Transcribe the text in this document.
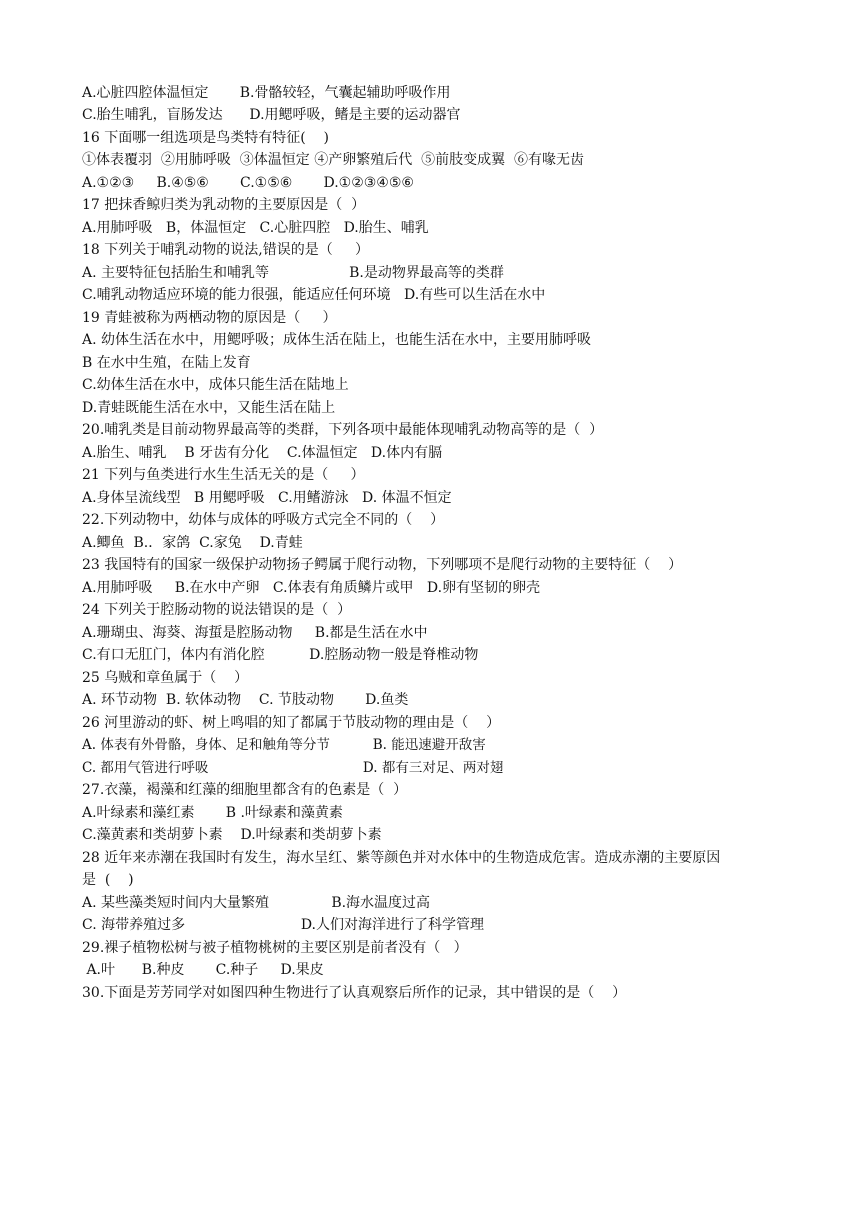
A.心脏四腔体温恒定       B.骨骼较轻，气囊起辅助呼吸作用
C.胎生哺乳，盲肠发达      D.用鳃呼吸，鳍是主要的运动器官
16 下面哪一组选项是鸟类特有特征(    )
①体表覆羽  ②用肺呼吸  ③体温恒定 ④产卵繁殖后代  ⑤前肢变成翼  ⑥有喙无齿
A.①②③     B.④⑤⑥       C.①⑤⑥       D.①②③④⑤⑥
17 把抹香鲸归类为乳动物的主要原因是（  ）
A.用肺呼吸   B，体温恒定   C.心脏四腔   D.胎生、哺乳
18 下列关于哺乳动物的说法,错误的是（     ）
A. 主要特征包括胎生和哺乳等                  B.是动物界最高等的类群
C.哺乳动物适应环境的能力很强，能适应任何环境   D.有些可以生活在水中
19 青蛙被称为两栖动物的原因是（     ）
A. 幼体生活在水中，用鳃呼吸；成体生活在陆上，也能生活在水中，主要用肺呼吸
B 在水中生殖，在陆上发育
C.幼体生活在水中，成体只能生活在陆地上
D.青蛙既能生活在水中，又能生活在陆上
20.哺乳类是目前动物界最高等的类群，下列各项中最能体现哺乳动物高等的是（  ）
A.胎生、哺乳    B 牙齿有分化    C.体温恒定   D.体内有膈
21 下列与鱼类进行水生生活无关的是（     ）
A.身体呈流线型   B 用鳃呼吸   C.用鳍游泳   D. 体温不恒定
22.下列动物中，幼体与成体的呼吸方式完全不同的（    ）
A.鲫鱼  B.．家鸽  C.家兔    D.青蛙
23 我国特有的国家一级保护动物扬子鳄属于爬行动物，下列哪项不是爬行动物的主要特征（    ）
A.用肺呼吸     B.在水中产卵   C.体表有角质鳞片或甲   D.卵有坚韧的卵壳
24 下列关于腔肠动物的说法错误的是（  ）
A.珊瑚虫、海葵、海蜇是腔肠动物     B.都是生活在水中
C.有口无肛门，体内有消化腔          D.腔肠动物一般是脊椎动物
25 乌贼和章鱼属于（    ）
A. 环节动物  B. 软体动物    C. 节肢动物       D.鱼类
26 河里游动的虾、树上鸣唱的知了都属于节肢动物的理由是（    ）
A. 体表有外骨骼，身体、足和触角等分节          B. 能迅速避开敌害
C. 都用气管进行呼吸                                    D. 都有三对足、两对翅
27.衣藻，褐藻和红藻的细胞里都含有的色素是（  ）
A.叶绿素和藻红素       B .叶绿素和藻黄素
C.藻黄素和类胡萝卜素    D.叶绿素和类胡萝卜素
28 近年来赤潮在我国时有发生，海水呈红、紫等颜色并对水体中的生物造成危害。造成赤潮的主要原因
是  (    )
A. 某些藻类短时间内大量繁殖              B.海水温度过高
C. 海带养殖过多                          D.人们对海洋进行了科学管理
29.裸子植物松树与被子植物桃树的主要区别是前者没有（   ）
A.叶      B.种皮       C.种子     D.果皮
30.下面是芳芳同学对如图四种生物进行了认真观察后所作的记录，其中错误的是（    ）
